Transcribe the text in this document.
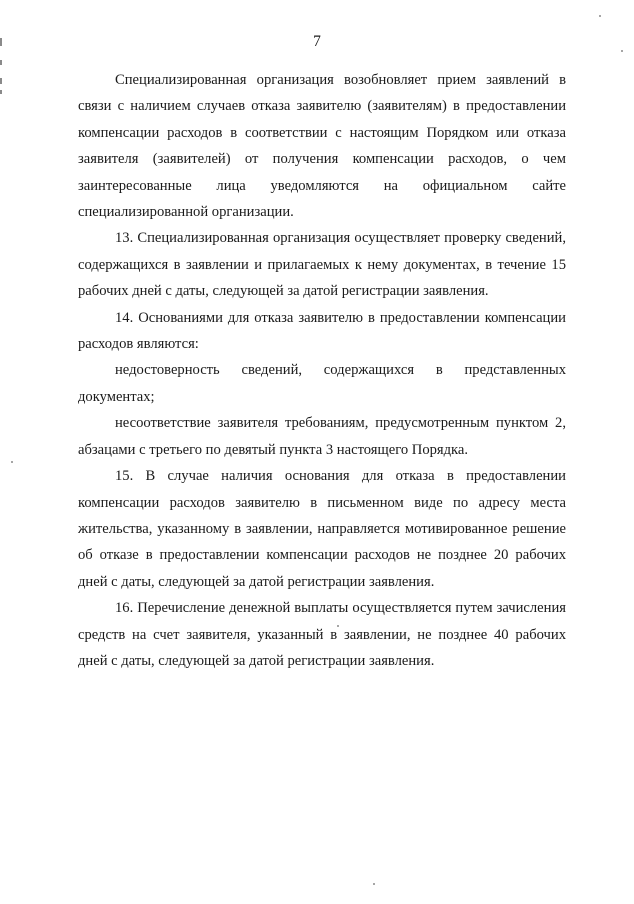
7

Специализированная организация возобновляет прием заявлений в связи с наличием случаев отказа заявителю (заявителям) в предоставлении компенсации расходов в соответствии с настоящим Порядком или отказа заявителя (заявителей) от получения компенсации расходов, о чем заинтересованные лица уведомляются на официальном сайте специализированной организации.

13. Специализированная организация осуществляет проверку сведений, содержащихся в заявлении и прилагаемых к нему документах, в течение 15 рабочих дней с даты, следующей за датой регистрации заявления.

14. Основаниями для отказа заявителю в предоставлении компенсации расходов являются:

недостоверность сведений, содержащихся в представленных документах;

несоответствие заявителя требованиям, предусмотренным пунктом 2, абзацами с третьего по девятый пункта 3 настоящего Порядка.

15. В случае наличия основания для отказа в предоставлении компенсации расходов заявителю в письменном виде по адресу места жительства, указанному в заявлении, направляется мотивированное решение об отказе в предоставлении компенсации расходов не позднее 20 рабочих дней с даты, следующей за датой регистрации заявления.

16. Перечисление денежной выплаты осуществляется путем зачисления средств на счет заявителя, указанный в заявлении, не позднее 40 рабочих дней с даты, следующей за датой регистрации заявления.
